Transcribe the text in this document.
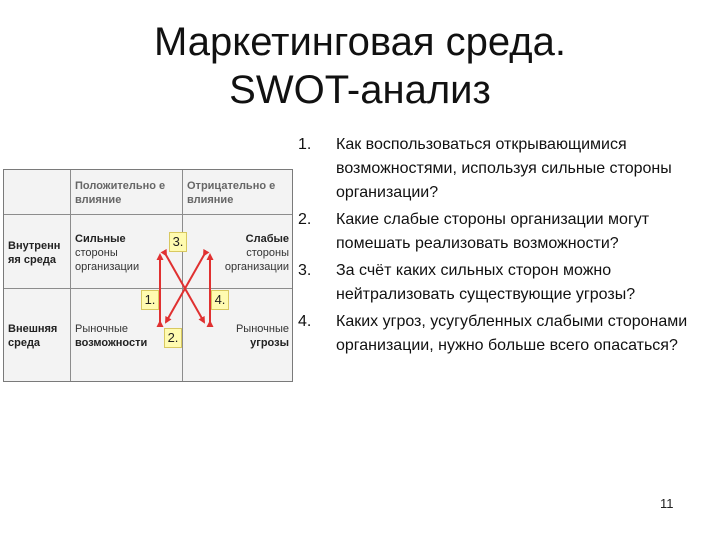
Маркетинговая среда.
SWOT-анализ
Положительно е влияние
Отрицательно е влияние
Внутренн яя среда
Внешняя среда
Сильные
стороны организации
Слабые
стороны организации
Рыночные
возможности
Рыночные
угрозы
1.
2.
3.
4.
1. Как воспользоваться открывающимися возможностями, используя сильные стороны организации?
2. Какие слабые стороны организации могут помешать реализовать возможности?
3. За счёт каких сильных сторон можно нейтрализовать существующие угрозы?
4. Каких угроз, усугубленных слабыми сторонами организации, нужно больше всего опасаться?
11
